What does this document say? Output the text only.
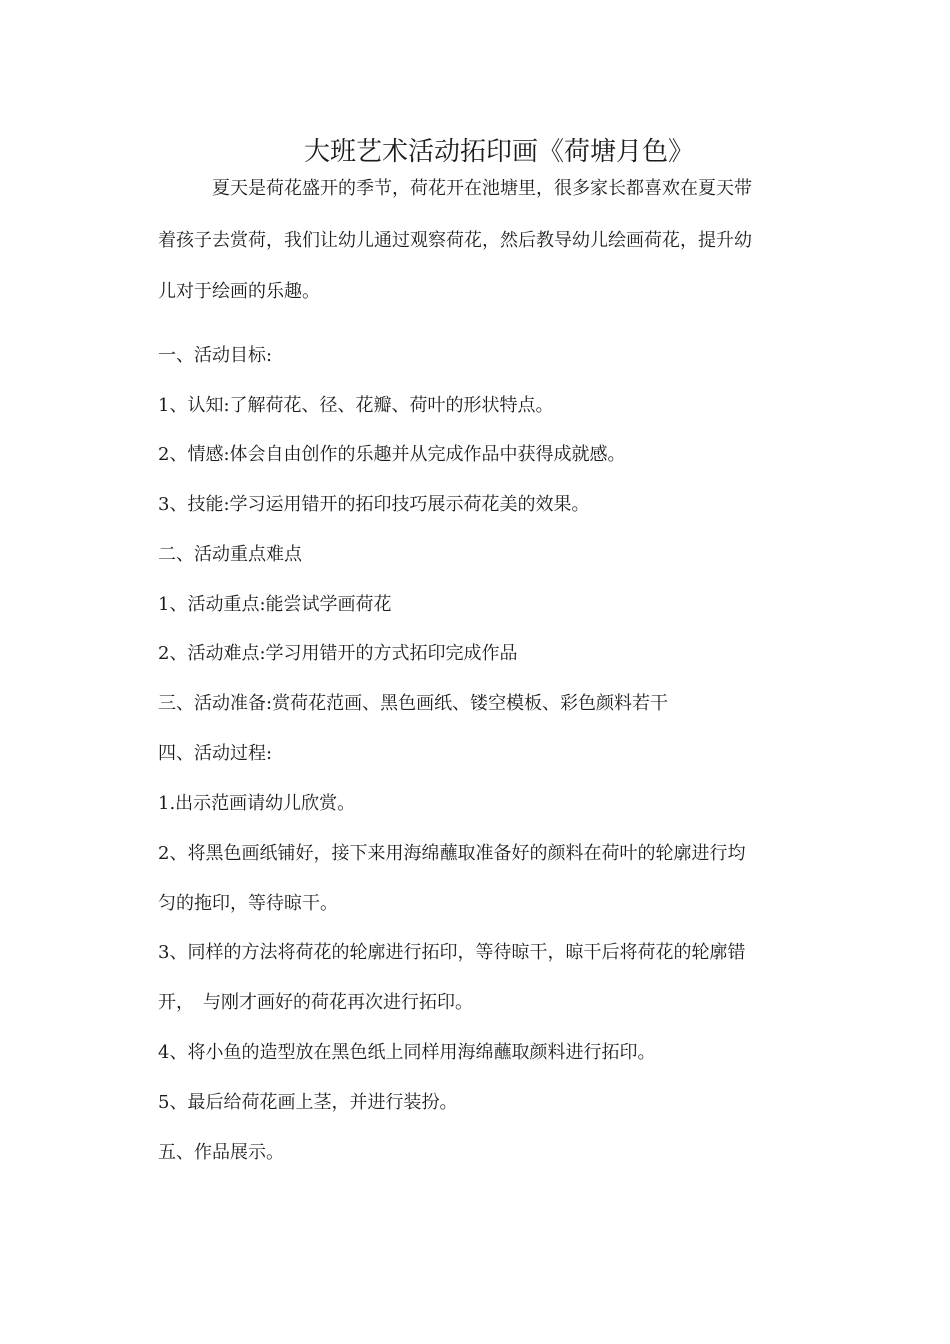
大班艺术活动拓印画《荷塘月色》
夏天是荷花盛开的季节，荷花开在池塘里，很多家长都喜欢在夏天带
着孩子去赏荷，我们让幼儿通过观察荷花，然后教导幼儿绘画荷花，提升幼
儿对于绘画的乐趣。
一、活动目标:
1、认知:了解荷花、径、花瓣、荷叶的形状特点。
2、情感:体会自由创作的乐趣并从完成作品中获得成就感。
3、技能:学习运用错开的拓印技巧展示荷花美的效果。
二、活动重点难点
1、活动重点:能尝试学画荷花
2、活动难点:学习用错开的方式拓印完成作品
三、活动准备:赏荷花范画、黑色画纸、镂空模板、彩色颜料若干
四、活动过程:
1.出示范画请幼儿欣赏。
2、将黑色画纸铺好，接下来用海绵蘸取准备好的颜料在荷叶的轮廓进行均
匀的拖印，等待晾干。
3、同样的方法将荷花的轮廓进行拓印，等待晾干，晾干后将荷花的轮廓错
开，　与刚才画好的荷花再次进行拓印。
4、将小鱼的造型放在黑色纸上同样用海绵蘸取颜料进行拓印。
5、最后给荷花画上茎，并进行装扮。
五、作品展示。
